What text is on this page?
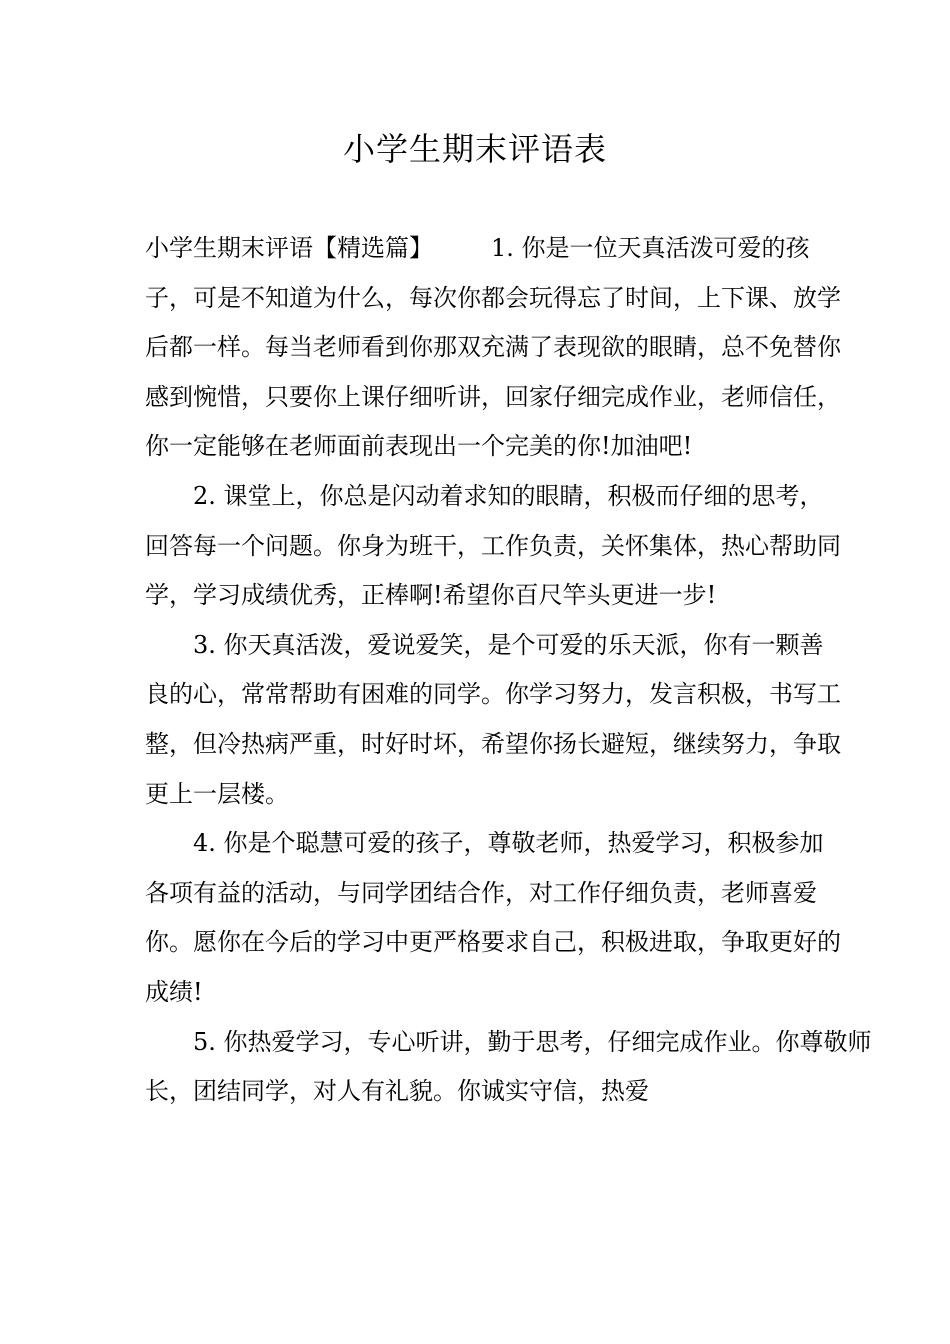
小学生期末评语表

小学生期末评语【精选篇】 1. 你是一位天真活泼可爱的孩子，可是不知道为什么，每次你都会玩得忘了时间，上下课、放学后都一样。每当老师看到你那双充满了表现欲的眼睛，总不免替你感到惋惜，只要你上课仔细听讲，回家仔细完成作业，老师信任，你一定能够在老师面前表现出一个完美的你!加油吧!

2. 课堂上，你总是闪动着求知的眼睛，积极而仔细的思考，回答每一个问题。你身为班干，工作负责，关怀集体，热心帮助同学，学习成绩优秀，正棒啊!希望你百尺竿头更进一步!

3. 你天真活泼，爱说爱笑，是个可爱的乐天派，你有一颗善良的心，常常帮助有困难的同学。你学习努力，发言积极，书写工整，但冷热病严重，时好时坏，希望你扬长避短，继续努力，争取更上一层楼。

4. 你是个聪慧可爱的孩子，尊敬老师，热爱学习，积极参加各项有益的活动，与同学团结合作，对工作仔细负责，老师喜爱你。愿你在今后的学习中更严格要求自己，积极进取，争取更好的成绩!

5. 你热爱学习，专心听讲，勤于思考，仔细完成作业。你尊敬师长，团结同学，对人有礼貌。你诚实守信，热爱
